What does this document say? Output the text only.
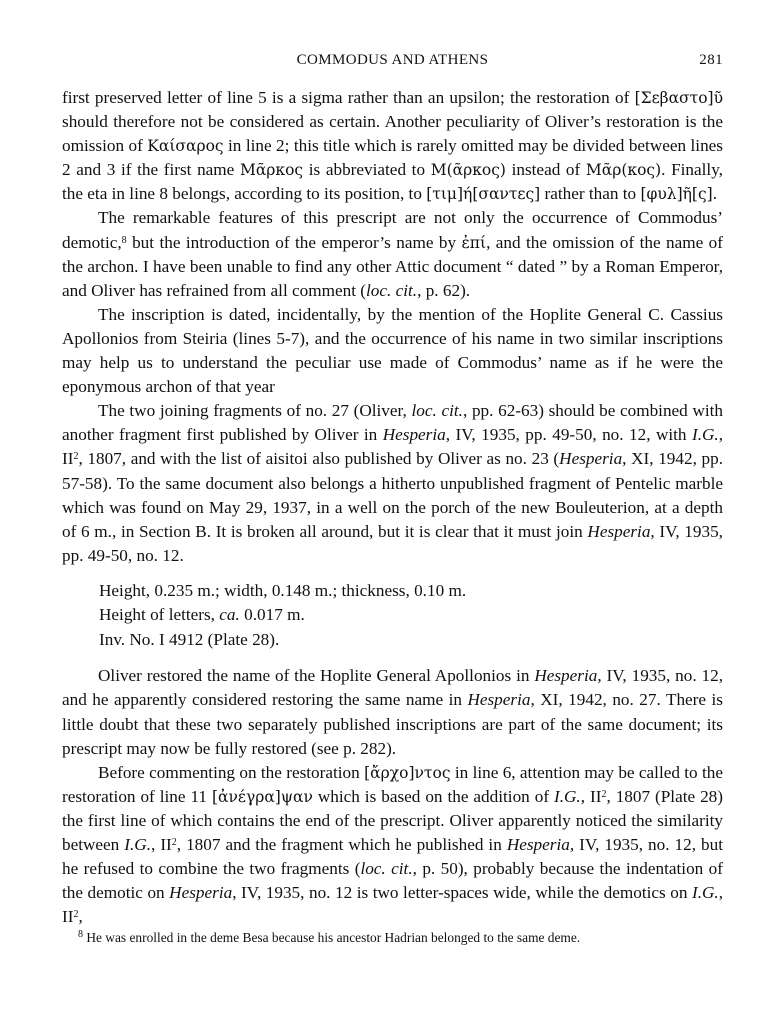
COMMODUS AND ATHENS	281

first preserved letter of line 5 is a sigma rather than an upsilon; the restoration of [Σεβαστο]ῦ should therefore not be considered as certain. Another peculiarity of Oliver’s restoration is the omission of Καίσαρος in line 2; this title which is rarely omitted may be divided between lines 2 and 3 if the first name Μᾶρκος is abbreviated to Μ(ᾶρκος) instead of Μᾶρ(κος). Finally, the eta in line 8 belongs, according to its position, to [τιμ]ή[σαντες] rather than to [φυλ]ῆ[ς].

The remarkable features of this prescript are not only the occurrence of Commodus’ demotic,$^8$ but the introduction of the emperor’s name by ἐπί, and the omission of the name of the archon. I have been unable to find any other Attic document “ dated ” by a Roman Emperor, and Oliver has refrained from all comment (loc. cit., p. 62).

The inscription is dated, incidentally, by the mention of the Hoplite General C. Cassius Apollonios from Steiria (lines 5-7), and the occurrence of his name in two similar inscriptions may help us to understand the peculiar use made of Commodus’ name as if he were the eponymous archon of that year

The two joining fragments of no. 27 (Oliver, loc. cit., pp. 62-63) should be combined with another fragment first published by Oliver in Hesperia, IV, 1935, pp. 49-50, no. 12, with I.G., $II^2$, 1807, and with the list of aisitoi also published by Oliver as no. 23 (Hesperia, XI, 1942, pp. 57-58). To the same document also belongs a hitherto unpublished fragment of Pentelic marble which was found on May 29, 1937, in a well on the porch of the new Bouleuterion, at a depth of 6 m., in Section B. It is broken all around, but it is clear that it must join Hesperia, IV, 1935, pp. 49-50, no. 12.

Height, 0.235 m.; width, 0.148 m.; thickness, 0.10 m.
Height of letters, ca. 0.017 m.
Inv. No. I 4912 (Plate 28).

Oliver restored the name of the Hoplite General Apollonios in Hesperia, IV, 1935, no. 12, and he apparently considered restoring the same name in Hesperia, XI, 1942, no. 27. There is little doubt that these two separately published inscriptions are part of the same document; its prescript may now be fully restored (see p. 282).

Before commenting on the restoration [ἄρχο]ντος in line 6, attention may be called to the restoration of line 11 [ἀνέγρα]ψαν which is based on the addition of I.G., $II^2$, 1807 (Plate 28) the first line of which contains the end of the prescript. Oliver apparently noticed the similarity between I.G., $II^2$, 1807 and the fragment which he published in Hesperia, IV, 1935, no. 12, but he refused to combine the two fragments (loc. cit., p. 50), probably because the indentation of the demotic on Hesperia, IV, 1935, no. 12 is two letter-spaces wide, while the demotics on I.G., $II^2$,

$^8$ He was enrolled in the deme Besa because his ancestor Hadrian belonged to the same deme.
